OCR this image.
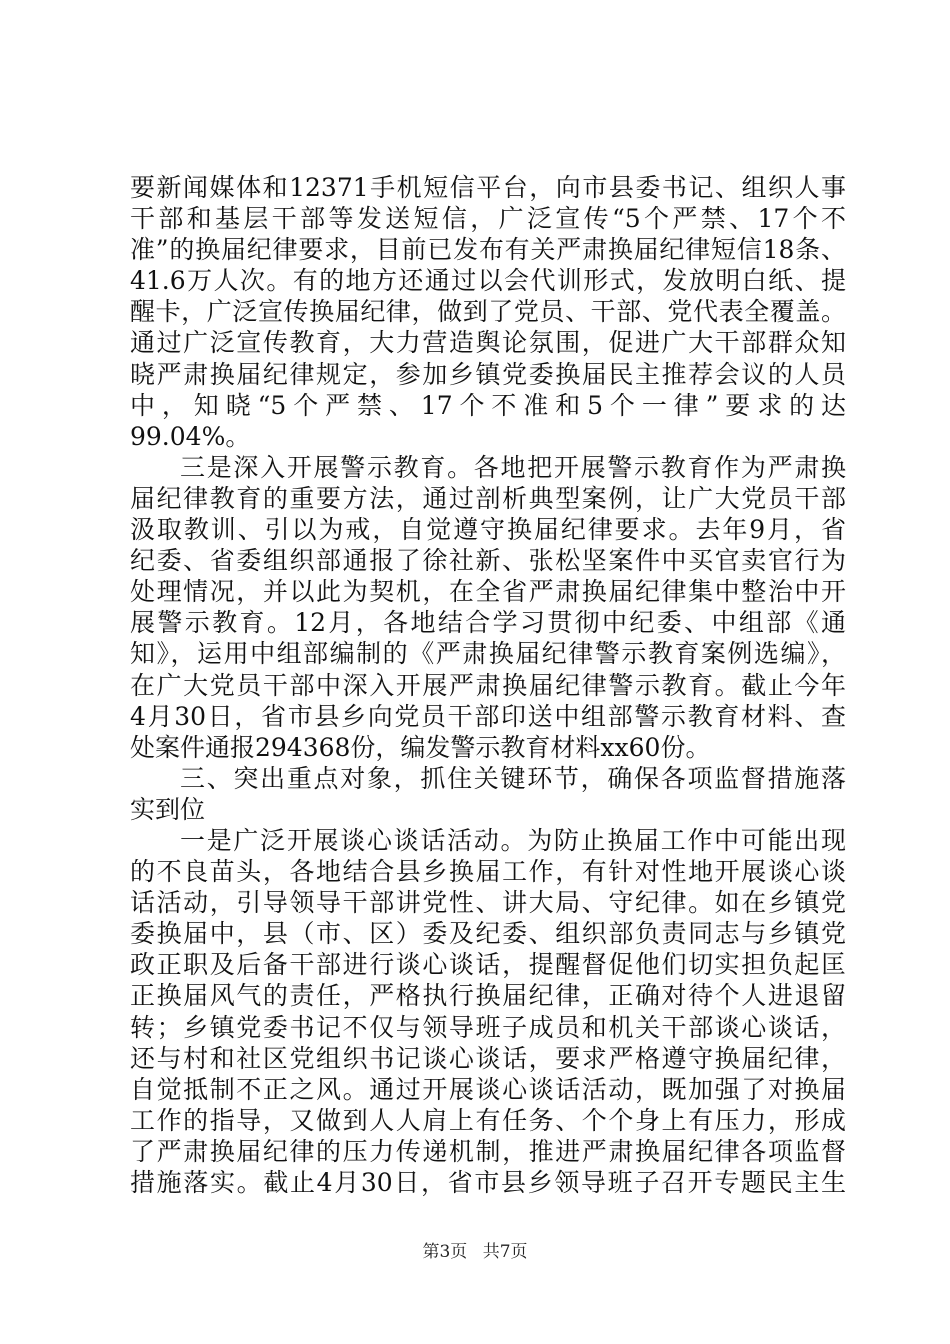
要新闻媒体和12371手机短信平台，向市县委书记、组织人事
干部和基层干部等发送短信，广泛宣传“5个严禁、17个不
准”的换届纪律要求，目前已发布有关严肃换届纪律短信18条、
41.6万人次。有的地方还通过以会代训形式，发放明白纸、提
醒卡，广泛宣传换届纪律，做到了党员、干部、党代表全覆盖。
通过广泛宣传教育，大力营造舆论氛围，促进广大干部群众知
晓严肃换届纪律规定，参加乡镇党委换届民主推荐会议的人员
中，知晓“5个严禁、17个不准和5个一律”要求的达
99.04%。
三是深入开展警示教育。各地把开展警示教育作为严肃换
届纪律教育的重要方法，通过剖析典型案例，让广大党员干部
汲取教训、引以为戒，自觉遵守换届纪律要求。去年9月，省
纪委、省委组织部通报了徐社新、张松坚案件中买官卖官行为
处理情况，并以此为契机，在全省严肃换届纪律集中整治中开
展警示教育。12月，各地结合学习贯彻中纪委、中组部《通
知》，运用中组部编制的《严肃换届纪律警示教育案例选编》，
在广大党员干部中深入开展严肃换届纪律警示教育。截止今年
4月30日，省市县乡向党员干部印送中组部警示教育材料、查
处案件通报294368份，编发警示教育材料xx60份。
三、突出重点对象，抓住关键环节，确保各项监督措施落
实到位
一是广泛开展谈心谈话活动。为防止换届工作中可能出现
的不良苗头，各地结合县乡换届工作，有针对性地开展谈心谈
话活动，引导领导干部讲党性、讲大局、守纪律。如在乡镇党
委换届中，县（市、区）委及纪委、组织部负责同志与乡镇党
政正职及后备干部进行谈心谈话，提醒督促他们切实担负起匡
正换届风气的责任，严格执行换届纪律，正确对待个人进退留
转；乡镇党委书记不仅与领导班子成员和机关干部谈心谈话，
还与村和社区党组织书记谈心谈话，要求严格遵守换届纪律，
自觉抵制不正之风。通过开展谈心谈话活动，既加强了对换届
工作的指导，又做到人人肩上有任务、个个身上有压力，形成
了严肃换届纪律的压力传递机制，推进严肃换届纪律各项监督
措施落实。截止4月30日，省市县乡领导班子召开专题民主生
第3页 共7页
